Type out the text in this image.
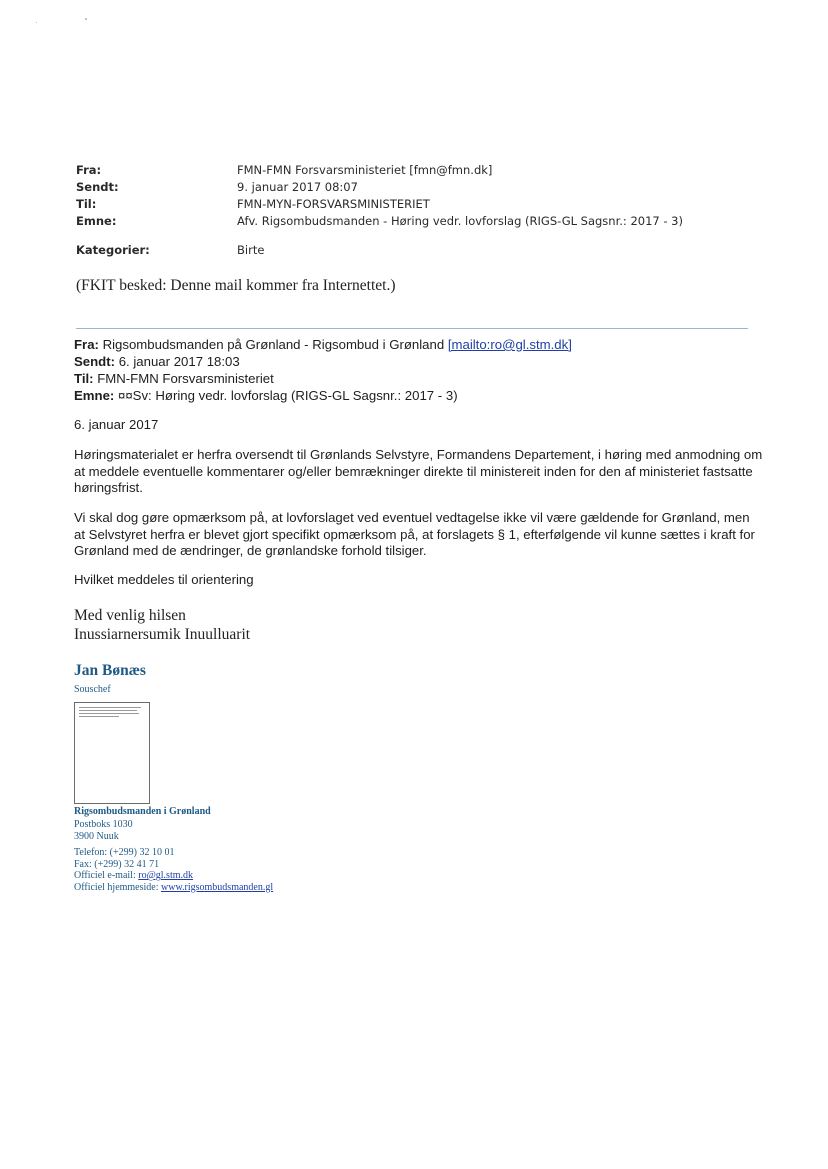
Fra:	FMN-FMN Forsvarsministeriet [fmn@fmn.dk]
Sendt:	9. januar 2017 08:07
Til:	FMN-MYN-FORSVARSMINISTERIET
Emne:	Afv. Rigsombudsmanden - Høring vedr. lovforslag (RIGS-GL Sagsnr.: 2017 - 3)
Kategorier:	Birte
(FKIT besked: Denne mail kommer fra Internettet.)
Fra: Rigsombudsmanden på Grønland - Rigsombud i Grønland [mailto:ro@gl.stm.dk]
Sendt: 6. januar 2017 18:03
Til: FMN-FMN Forsvarsministeriet
Emne: ¤¤Sv: Høring vedr. lovforslag (RIGS-GL Sagsnr.: 2017 - 3)
6. januar 2017
Høringsmaterialet er herfra oversendt til Grønlands Selvstyre, Formandens Departement, i høring med anmodning om at meddele eventuelle kommentarer og/eller bemrækninger direkte til ministereit inden for den af ministeriet fastsatte høringsfrist.
Vi skal dog gøre opmærksom på, at lovforslaget ved eventuel vedtagelse ikke vil være gældende for Grønland, men at Selvstyret herfra er blevet gjort specifikt opmærksom på, at forslagets § 1, efterfølgende vil kunne sættes i kraft for Grønland med de ændringer, de grønlandske forhold tilsiger.
Hvilket meddeles til orientering
Med venlig hilsen
Inussiarnersumik Inuulluarit
Jan Bønæs
Souschef
Rigsombudsmanden i Grønland
Postboks 1030
3900 Nuuk
Telefon: (+299) 32 10 01
Fax: (+299) 32 41 71
Officiel e-mail: ro@gl.stm.dk
Officiel hjemmeside: www.rigsombudsmanden.gl
